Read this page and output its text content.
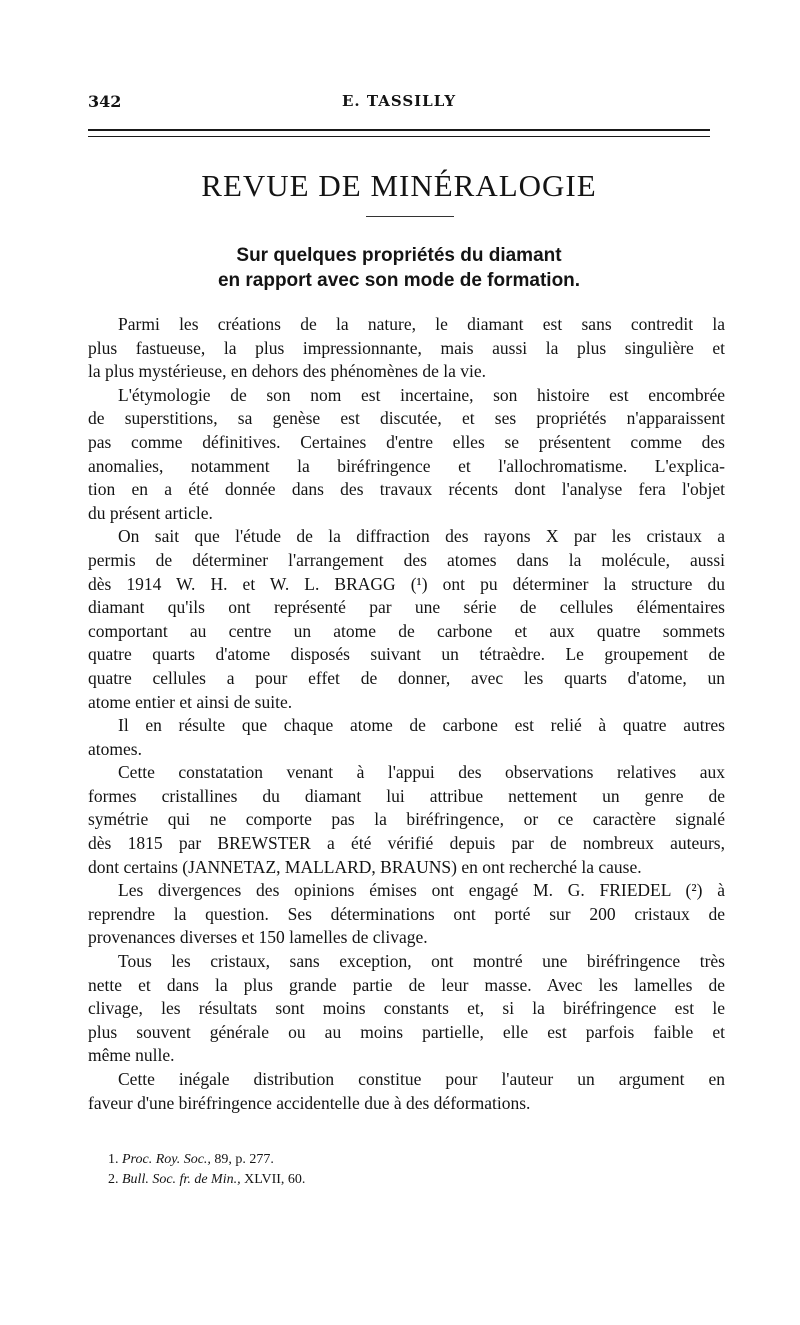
342	E. TASSILLY
REVUE DE MINÉRALOGIE
Sur quelques propriétés du diamant
en rapport avec son mode de formation.

Parmi les créations de la nature, le diamant est sans contredit la
plus fastueuse, la plus impressionnante, mais aussi la plus singulière et
la plus mystérieuse, en dehors des phénomènes de la vie.

L'étymologie de son nom est incertaine, son histoire est encombrée
de superstitions, sa genèse est discutée, et ses propriétés n'apparaissent
pas comme définitives. Certaines d'entre elles se présentent comme des
anomalies, notamment la biréfringence et l'allochromatisme. L'explica-
tion en a été donnée dans des travaux récents dont l'analyse fera l'objet
du présent article.

On sait que l'étude de la diffraction des rayons X par les cristaux a
permis de déterminer l'arrangement des atomes dans la molécule, aussi
dès 1914 W. H. et W. L. BRAGG (¹) ont pu déterminer la structure du
diamant qu'ils ont représenté par une série de cellules élémentaires
comportant au centre un atome de carbone et aux quatre sommets
quatre quarts d'atome disposés suivant un tétraèdre. Le groupement de
quatre cellules a pour effet de donner, avec les quarts d'atome, un
atome entier et ainsi de suite.

Il en résulte que chaque atome de carbone est relié à quatre autres
atomes.

Cette constatation venant à l'appui des observations relatives aux
formes cristallines du diamant lui attribue nettement un genre de
symétrie qui ne comporte pas la biréfringence, or ce caractère signalé
dès 1815 par BREWSTER a été vérifié depuis par de nombreux auteurs,
dont certains (JANNETAZ, MALLARD, BRAUNS) en ont recherché la cause.

Les divergences des opinions émises ont engagé M. G. FRIEDEL (²) à
reprendre la question. Ses déterminations ont porté sur 200 cristaux de
provenances diverses et 150 lamelles de clivage.

Tous les cristaux, sans exception, ont montré une biréfringence très
nette et dans la plus grande partie de leur masse. Avec les lamelles de
clivage, les résultats sont moins constants et, si la biréfringence est le
plus souvent générale ou au moins partielle, elle est parfois faible et
même nulle.

Cette inégale distribution constitue pour l'auteur un argument en
faveur d'une biréfringence accidentelle due à des déformations.

1. Proc. Roy. Soc., 89, p. 277.
2. Bull. Soc. fr. de Min., XLVII, 60.
